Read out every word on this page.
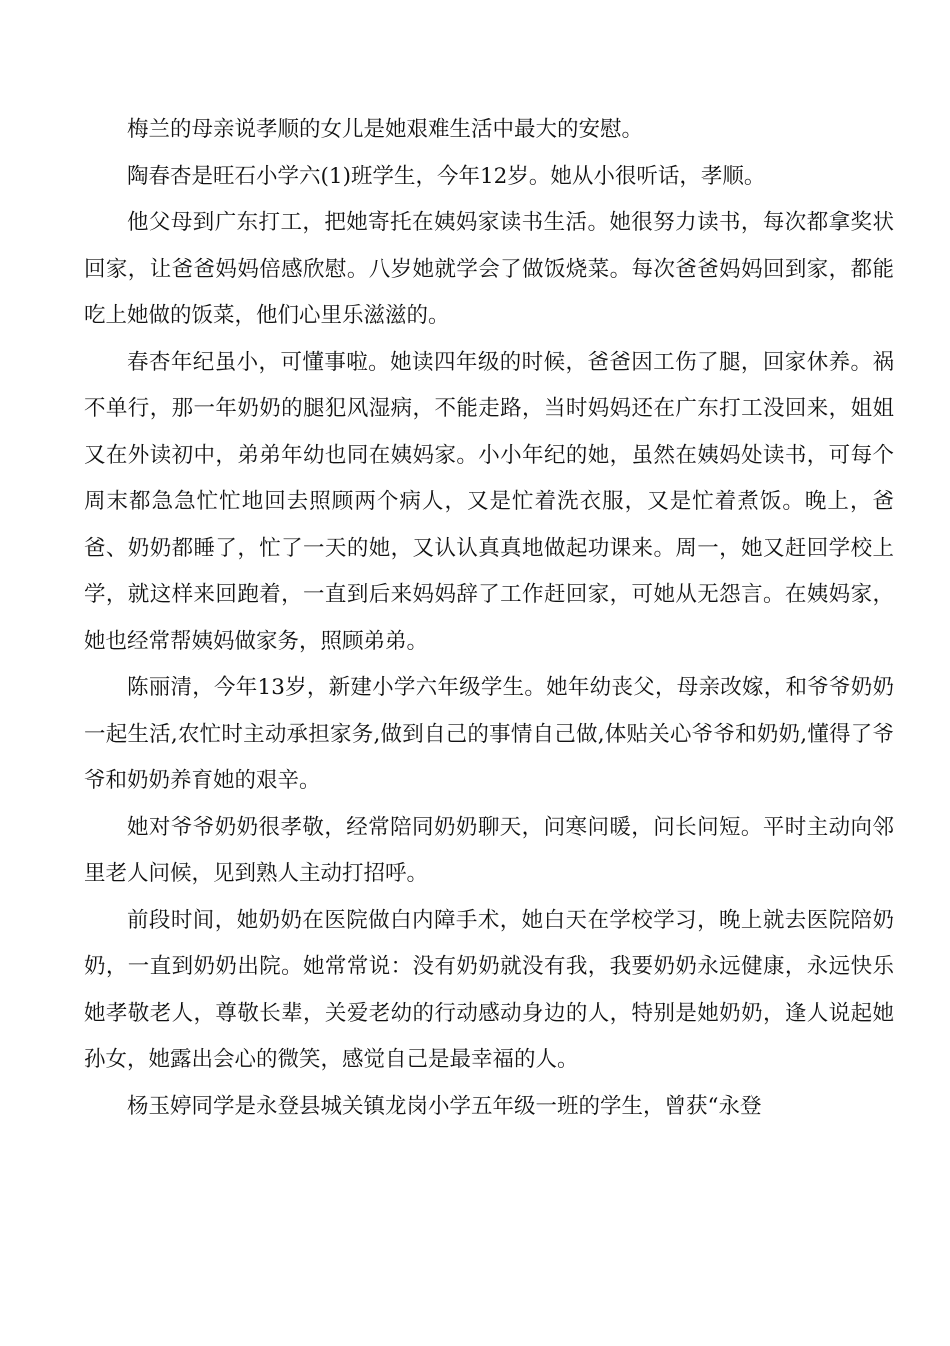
梅兰的母亲说孝顺的女儿是她艰难生活中最大的安慰。

陶春杏是旺石小学六(1)班学生，今年12岁。她从小很听话，孝顺。

他父母到广东打工，把她寄托在姨妈家读书生活。她很努力读书，每次都拿奖状回家，让爸爸妈妈倍感欣慰。八岁她就学会了做饭烧菜。每次爸爸妈妈回到家，都能吃上她做的饭菜，他们心里乐滋滋的。

春杏年纪虽小，可懂事啦。她读四年级的时候，爸爸因工伤了腿，回家休养。祸不单行，那一年奶奶的腿犯风湿病，不能走路，当时妈妈还在广东打工没回来，姐姐又在外读初中，弟弟年幼也同在姨妈家。小小年纪的她，虽然在姨妈处读书，可每个周末都急急忙忙地回去照顾两个病人，又是忙着洗衣服，又是忙着煮饭。晚上，爸爸、奶奶都睡了，忙了一天的她，又认认真真地做起功课来。周一，她又赶回学校上学，就这样来回跑着，一直到后来妈妈辞了工作赶回家，可她从无怨言。在姨妈家，她也经常帮姨妈做家务，照顾弟弟。

陈丽清，今年13岁，新建小学六年级学生。她年幼丧父，母亲改嫁，和爷爷奶奶一起生活,农忙时主动承担家务,做到自己的事情自己做,体贴关心爷爷和奶奶,懂得了爷爷和奶奶养育她的艰辛。

她对爷爷奶奶很孝敬，经常陪同奶奶聊天，问寒问暖，问长问短。平时主动向邻里老人问候，见到熟人主动打招呼。

前段时间，她奶奶在医院做白内障手术，她白天在学校学习，晚上就去医院陪奶奶，一直到奶奶出院。她常常说：没有奶奶就没有我，我要奶奶永远健康，永远快乐她孝敬老人，尊敬长辈，关爱老幼的行动感动身边的人，特别是她奶奶，逢人说起她孙女，她露出会心的微笑，感觉自己是最幸福的人。

杨玉婷同学是永登县城关镇龙岗小学五年级一班的学生，曾获“永登
